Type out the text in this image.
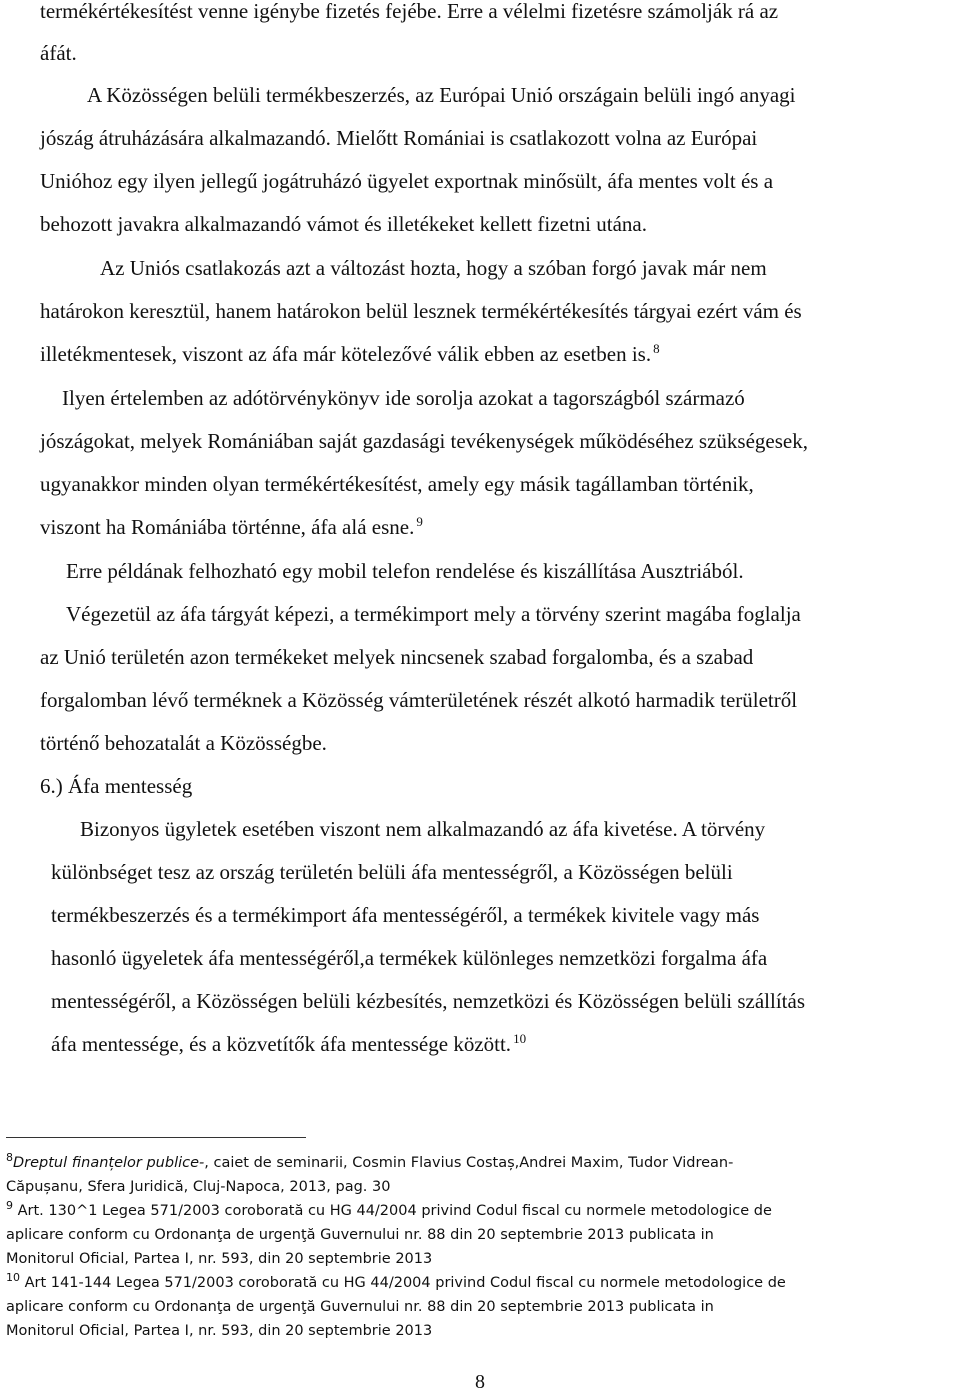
termékértékesítést venne igénybe fizetés fejébe. Erre a vélelmi fizetésre számolják rá az
áfát.
A Közösségen belüli termékbeszerzés, az Európai Unió országain belüli ingó anyagi
jószág átruházására alkalmazandó. Mielőtt Romániai is csatlakozott volna az Európai
Unióhoz egy ilyen jellegű jogátruházó ügyelet exportnak minősült, áfa mentes volt és a
behozott javakra alkalmazandó vámot és illetékeket kellett fizetni utána.
Az Uniós csatlakozás azt a változást hozta, hogy a szóban forgó javak már nem
határokon keresztül, hanem határokon belül lesznek termékértékesítés tárgyai ezért vám és
illetékmentesek, viszont az áfa már kötelezővé válik ebben az esetben is. $^8$
Ilyen értelemben az adótörvénykönyv ide sorolja azokat a tagországból származó
jószágokat, melyek Romániában saját gazdasági tevékenységek működéséhez szükségesek,
ugyanakkor minden olyan termékértékesítést, amely egy másik tagállamban történik,
viszont ha Romániába történne, áfa alá esne. $^9$
Erre példának felhozható egy mobil telefon rendelése és kiszállítása Ausztriából.
Végezetül az áfa tárgyát képezi, a termékimport mely a törvény szerint magába foglalja
az Unió területén azon termékeket melyek nincsenek szabad forgalomba, és a szabad
forgalomban lévő terméknek a Közösség vámterületének részét alkotó harmadik területről
történő behozatalát a Közösségbe.
6.) Áfa mentesség
Bizonyos ügyletek esetében viszont nem alkalmazandó az áfa kivetése. A törvény
különbséget tesz az ország területén belüli áfa mentességről, a Közösségen belüli
termékbeszerzés és a termékimport áfa mentességéről, a termékek kivitele vagy más
hasonló ügyeletek áfa mentességéről,a termékek különleges nemzetközi forgalma áfa
mentességéről, a Közösségen belüli kézbesítés, nemzetközi és Közösségen belüli szállítás
áfa mentessége, és a közvetítők áfa mentessége között. $^{10}$
$^8$Dreptul finanțelor publice-, caiet de seminarii, Cosmin Flavius Costaș,Andrei Maxim, Tudor Vidrean-
Căpușanu, Sfera Juridică, Cluj-Napoca, 2013, pag. 30
$^9$ Art. 130^1 Legea 571/2003 coroborată cu HG 44/2004 privind Codul fiscal cu normele metodologice de
aplicare conform cu Ordonanţa de urgenţă Guvernului nr. 88 din 20 septembrie 2013 publicata in
Monitorul Oficial, Partea I, nr. 593, din 20 septembrie 2013
$^{10}$ Art 141-144 Legea 571/2003 coroborată cu HG 44/2004 privind Codul fiscal cu normele metodologice de
aplicare conform cu Ordonanţa de urgenţă Guvernului nr. 88 din 20 septembrie 2013 publicata in
Monitorul Oficial, Partea I, nr. 593, din 20 septembrie 2013
8
